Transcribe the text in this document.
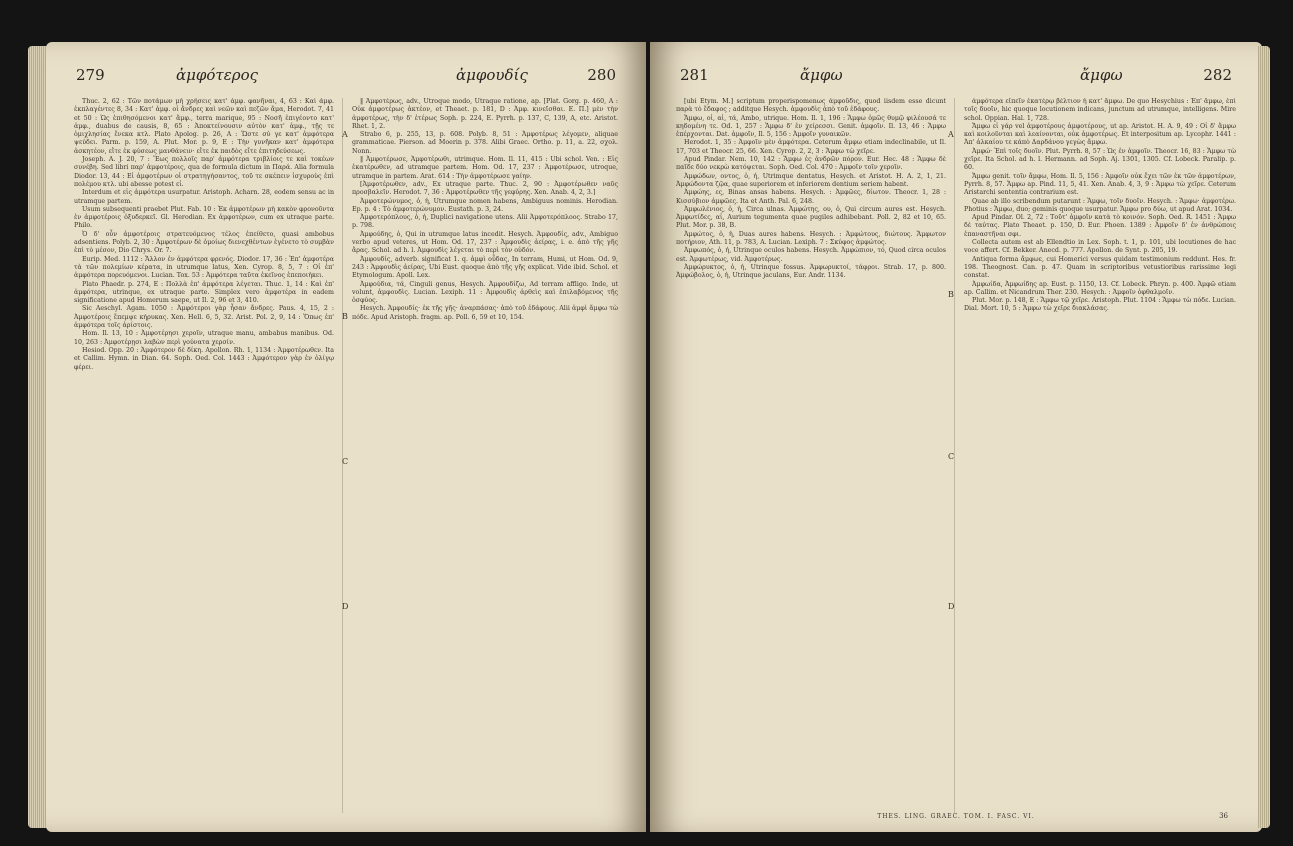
279	ἀμφότερος	ἀμφουδίς	280

Thuc. 2, 62 : Τῶν ποτάμων μὴ χρήσεις κατ' ἀμφ. φανῆναι, 4, 63 : Καὶ ἀμφ. ἐκπλαγέντες 8, 34 : Κατ' ἀμφ. οἱ ἄνδρες καὶ νεῶν καὶ πεζῶν ἅμα, Herodot. 7, 41 et 50 : Ὡς ἐπιθησόμενοι κατ' ἄμφ., terra marique, 95 : Νοσῆ ἐπιγέοντο κατ' ἀμφ., duabus de causis, 8, 65 : Ἀποκτείνουσιν αὐτὸν κατ' ἀμφ., τῇς τε ὁμιχλησίας ἕνεκα κτλ. Plato Apolog. p. 26, A : Ὥστε σύ γε κατ' ἀμφότερα ψεύδει. Parm. p. 159, A. Plut. Mor. p. 9, E : Τὴν γυνῆκαν κατ' ἀμφότερα ἀσκητέον, εἴτε ἐκ φύσεως μανθάνειν· εἴτε ἐκ παιδὸς εἴτε ἐπιτηδεύσεως.

Joseph. A. J. 20, 7 : Ἔως πολλοῖς παρ' ἀμφότερα τριβλίοις τε καὶ τοκέων συνέβη. Sed libri παρ' ἀμφοτέροις, qua de formula dictum in Παρά. Alia formula Diodor. 13, 44 : Εἰ ἀμφοτέρων οἱ στρατηγήσαντος, τοῦ τε σκέπειν ἰσχυροὺς ἐπὶ πολέμου κτλ. ubi abesse potest εἰ.

Interdum et εἰς ἀμφότερα usurpatur. Aristoph. Acharn. 28, eodem sensu ac in utramque partem.

Usum subsequenti praebet Plut. Fab. 10 : Ἐκ ἀμφοτέρων μὴ κακὸν φρονοῦντα ἐν ἀμφοτέροις ὀξυδερκεῖ. Gl. Herodian. Ex ἀμφοτέρων, cum ex utraque parte. Philo.

Ὁ δ' οὖν ἀμφοτέροις στρατευόμενος τέλος ἐπείθετο, quasi ambobus adsentiens. Polyb. 2, 30 : Ἀμφοτέρων δὲ ὁμοίως διενεχθέντων ἐγένετο τὸ συμβὰν ἐπὶ τὸ μέσον, Dio Chrys. Or. 7.

Eurip. Med. 1112 : Ἄλλον ἐν ἀμφότερα φρενός. Diodor. 17, 36 : Ἐπ' ἀμφοτέρα τὰ τῶν πολεμίων κέρατα, in utrumque latus, Xen. Cyrop. 8, 5, 7 : Οἱ ἐπ' ἀμφότερα πορευόμενοι. Lucian. Tox. 53 : Ἀμφότερα ταῦτα ἐκεῖνος ἐπεποιήκει.

Plato Phaedr. p. 274, E : Πολλὰ ἐπ' ἀμφότερα λέγεται. Thuc. 1, 14 : Καὶ ἐπ' ἀμφότερα, utrinque, ex utraque parte. Simplex vero ἀμφοτέρα in eadem significatione apud Homerum saepe, ut Il. 2, 96 et 3, 410.

Sic Aeschyl. Agam. 1050 : Ἀμφότεροι γὰρ ἦσαν ἄνδρες. Paus. 4, 15, 2 : Ἀμφοτέροις ἔπεμψε κήρυκας. Xen. Hell. 6, 5, 32. Arist. Pol. 2, 9, 14 : Ὅπως ἐπ' ἀμφότερα τοῖς ἀρίστοις.

Hom. Il. 13, 10 : Ἀμφοτέρησι χεροῖν, utraque manu, ambabus manibus. Od. 10, 263 : Ἀμφοτέρῃσι λαβὼν περὶ γούνατα χερσίν.

Hesiod. Opp. 20 : Ἀμφότερον δὲ δίκη. Apollon. Rh. 1, 1134 : Ἀμφοτέρωθεν. Ita et Callim. Hymn. in Dian. 64. Soph. Oed. Col. 1443 : Ἀμφότερον γὰρ ἐν ὀλίγῳ φέρει.

A
B
C
D

‖ Ἀμφοτέρως, adv., Utroque modo, Utraque ratione, ap. [Plat. Gorg. p. 460, A : Οὐκ ἀμφοτέρως ἀκτέον, et Theaet. p. 181, D : Ἀμφ. κινεῖσθαι. Ε. Π.] μὲν τὴν ἀμφοτέρως, τὴν δ' ἑτέρως Soph. p. 224, E. Pyrrh. p. 137, C, 139, A, etc. Aristot. Rhet. 1, 2.

Strabo 6, p. 255, 13, p. 608. Polyb. 8, 51 : Ἀμφοτέρως λέγομεν, aliquae grammaticae. Pierson. ad Moerin p. 378. Alibi Graec. Ortho. p. 11, a. 22, σχολ. Nonn.

‖ Ἀμφοτέρωσε, Ἀμφοτέρωθι, utrimque. Hom. Il. 11, 415 : Ubi schol. Ven. : Εἰς ἑκατέρωθεν, ad utramque partem. Hom. Od. 17, 237 : Ἀμφοτέρωσε, utroque, utramque in partem. Arat. 614 : Τὴν ἀμφοτέρωσε γαίην.

[Ἀμφοτέρωθεν, adv., Ex utraque parte. Thuc. 2, 90 : Ἀμφοτέρωθεν ναῦς προσβαλεῖν. Herodot. 7, 36 : Ἀμφοτέρωθεν τῆς γεφύρης. Xen. Anab. 4, 2, 3.]

Ἀμφοτερώνυμος, ὁ, ἡ, Utrumque nomen habens, Ambiguus nominis. Herodian. Ep. p. 4 : Τὸ ἀμφοτερώνυμον. Eustath. p. 3, 24.

Ἀμφοτερόπλους, ὁ, ἡ, Duplici navigatione utens. Alii Ἀμφοτερόπλοος. Strabo 17, p. 798.

Ἀμφούδης, ὁ, Qui in utrumque latus incedit. Hesych. Ἀμφουδίς, adv., Ambiguo verbo apud veteres, ut Hom. Od. 17, 237 : Ἀμφουδὶς ἀείρας, i. e. ἀπὸ τῆς γῆς ἄρας. Schol. ad h. l. Ἀμφουδὶς λέγεται τὸ περὶ τὸν οὐδόν.

Ἀμφουδίς, adverb. significat 1. q. ἀμφὶ οὖδας, In terram, Humi, ut Hom. Od. 9, 243 : Ἀμφουδὶς ἀείρας, Ubi Eust. quoque ἀπὸ τῆς γῆς explicat. Vide ibid. Schol. et Etymologum. Apoll. Lex.

Ἀμφούδια, τά, Cinguli genus, Hesych. Ἀμφουδίζω, Ad terram affligo. Inde, ut volunt, ἀμφουδὶς. Lucian. Lexiph. 11 : Ἀμφουδὶς ἀρθεὶς καὶ ἐπιλαβόμενος τῆς ὀσφύος.

Hesych. Ἀμφουδίς· ἐκ τῆς γῆς· ἀναρπάσας· ἀπὸ τοῦ ἐδάφους. Alii ἀμφὶ ἄμφω τὼ πόδε. Apud Aristoph. fragm. ap. Poll. 6, 59 et 10, 154.

281	ἄμφω	ἄμφω	282

[ubi Etym. M.] scriptum properispomenως ἀμφοῦδις, quod iisdem esse dicunt παρὰ τὸ ἔδαφος ; additque Hesych. ἀμφουδὶς ἀπὸ τοῦ ἐδάφους.

Ἄμφω, οἱ, αἱ, τά, Ambo, utrique. Hom. Il. 1, 196 : Ἄμφω ὁμῶς θυμῷ φιλέουσά τε κηδομένη τε. Od. 1, 257 : Ἄμφω δ' ἐν χείρεσσι. Genit. ἀμφοῖν. Il. 13, 46 : Ἄμφω ἐπέρχονται. Dat. ἀμφοῖν, Il. 5, 156 : Ἀμφοῖν γυναικῶν.

Herodot. 1, 35 : Ἀμφοῖν μὲν ἀμφότερα. Ceterum ἄμφω etiam indeclinabile, ut Il. 17, 703 et Theocr. 25, 66. Xen. Cyrop. 2, 2, 3 : Ἄμφω τὼ χεῖρε.

Apud Pindar. Nem. 10, 142 : Ἄμφω ἐς ἀνδρῶν πόρον. Eur. Hec. 48 : Ἄμφω δὲ παῖδε δύο νεκρὼ κατόψεται. Soph. Oed. Col. 470 : Ἀμφοῖν τοῖν χεροῖν.

Ἀμφώδων, οντος, ὁ, ἡ, Utrimque dentatus, Hesych. et Aristot. H. A. 2, 1, 21. Ἀμφώδοντα ζῷα, quae superiorem et inferiorem dentium seriem habent.

Ἀμφώης, ες, Binas ansas habens. Hesych. : Ἀμφῶες, δίωτον. Theocr. 1, 28 : Κισσύβιον ἀμφῶες. Ita et Anth. Pal. 6, 248.

Ἀμφωλένιος, ὁ, ἡ, Circa ulnas. Ἀμφώτης, ου, ὁ, Qui circum aures est. Hesych. Ἀμφωτίδες, αἱ, Aurium tegumenta quae pugiles adhibebant. Poll. 2, 82 et 10, 65. Plut. Mor. p. 38, B.

Ἀμφώτος, ὁ, ἡ, Duas aures habens. Hesych. : Ἀμφώτους, διώτους. Ἄμφωτον ποτήριον, Ath. 11, p. 783, A. Lucian. Lexiph. 7 : Σκύφος ἀμφώτος.

Ἀμφωπός, ὁ, ἡ, Utrinque oculos habens. Hesych. Ἀμφώπιον, τό, Quod circa oculos est. Ἀμφωτέρως, vid. Ἀμφοτέρως.

Ἀμφώρυκτος, ὁ, ἡ, Utrinque fossus. Ἀμφωρυκτοί, τάφροι. Strab. 17, p. 800. Ἀμφώβολος, ὁ, ἡ, Utrinque jaculans, Eur. Andr. 1134.

A
B
C
D

ἀμφότερα εἴπεῖν ἑκατέρῳ βέλτιον ἦ κατ' ἄμφω. De quo Hesychius : Ἐπ' ἄμφω, ἐπὶ τοῖς δυοῖν, hic quoque locutionem indicans, junctum ad utrumque, intelligens. Mire schol. Oppian. Hal. 1, 728.

Ἄμφω εἰ γάρ vel ἀμφοτέρους ἀμφοτέρους, ut ap. Aristot. H. A. 9, 49 : Οἱ δ' ἄμφω καὶ κοιλοῦνται καὶ λεαίνονται, οὐκ ἀμφοτέρως. Et interpositum ap. Lycophr. 1441 : Ἀπ' ἀλκαίου τε κάπὸ Δαρδάνου γεγὼς ἄμφω.

Ἀμφώ· Ἐπὶ τοῖς δυοῖν. Plut. Pyrrh. 8, 57 : Ὡς ἐν ἀμφοῖν. Theocr. 16, 83 : Ἄμφω τὼ χεῖρε. Ita Schol. ad h. l. Hermann. ad Soph. Aj. 1301, 1305. Cf. Lobeck. Paralip. p. 60.

Ἄμφω genit. τοῖν ἄμφω, Hom. Il. 5, 156 : Ἀμφοῖν οὐκ ἔχει τῶν ἐκ τῶν ἀμφοτέρων, Pyrrh. 8, 57. Ἄμφω ap. Pind. 11, 5, 41. Xen. Anab. 4, 3, 9 : Ἄμφω τὼ χεῖρε. Ceterum Aristarchi sententia contrarium est.

Quae ab illo scribendum putarunt : Ἄμφω, τοῖν δυοῖν. Hesych. : Ἄμφω· ἀμφοτέρω. Photius : Ἄμφω, duo; geminis quoque usurpatur. Ἄμφω pro δύω, ut apud Arat. 1034.

Apud Pindar. Ol. 2, 72 : Τοῦτ' ἀμφοῖν κατὰ τὸ κοινόν. Soph. Oed. R. 1451 : Ἄμφω δὲ ταύτας. Plato Theaet. p. 150, D. Eur. Phoen. 1389 : Ἀμφοῖν δ' ἐν ἀνθρώποις ἐπαναστῆναι σφι.

Collecta autem est ab Ellendtio in Lex. Soph. t. 1, p. 101, ubi locutiones de hac voce affert. Cf. Bekker. Anecd. p. 777. Apollon. de Synt. p. 205, 19.

Antiqua forma ἄμφωε, cui Homerici versus quidam testimonium reddunt. Hes. fr. 198. Theognost. Can. p. 47. Quam in scriptoribus vetustioribus rarissime legi constat.

Ἀμφωίδα, Ἀμφωίδης ap. Eust. p. 1150, 13. Cf. Lobeck. Phryn. p. 400. Ἀμφῶ etiam ap. Callim. et Nicandrum Ther. 230. Hesych. : Ἀμφοῖν ὀφθαλμοῖν.

Plut. Mor. p. 148, E : Ἄμφω τῷ χεῖρε. Aristoph. Plut. 1104 : Ἄμφω τὼ πόδε. Lucian. Dial. Mort. 10, 5 : Ἄμφω τὼ χεῖρε διακλάσας.

THES. LING. GRAEC. TOM. I. FASC. VI.	36
